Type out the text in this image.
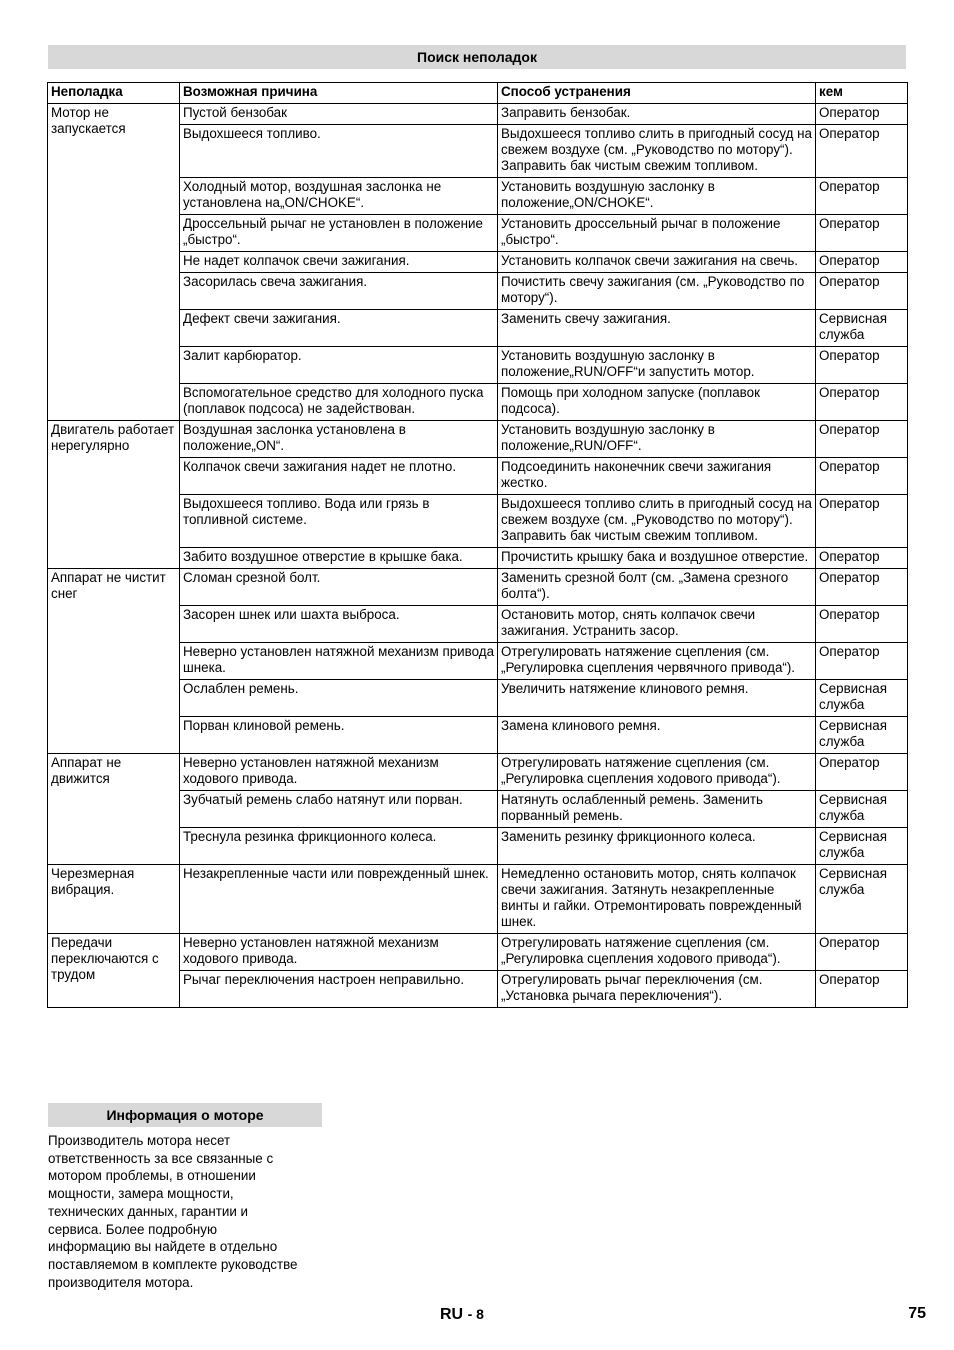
Поиск неполадок
Неполадка	Возможная причина	Способ устранения	кем
Мотор не запускается	Пустой бензобак	Заправить бензобак.	Оператор
	Выдохшееся топливо.	Выдохшееся топливо слить в пригодный сосуд на свежем воздухе (см. „Руководство по мотору“). Заправить бак чистым свежим топливом.	Оператор
	Холодный мотор, воздушная заслонка не установлена на„ON/CHOKE“.	Установить воздушную заслонку в положение„ON/CHOKE“.	Оператор
	Дроссельный рычаг не установлен в положение „быстро“.	Установить дроссельный рычаг в положение „быстро“.	Оператор
	Не надет колпачок свечи зажигания.	Установить колпачок свечи зажигания на свечь.	Оператор
	Засорилась свеча зажигания.	Почистить свечу зажигания (см. „Руководство по мотору“).	Оператор
	Дефект свечи зажигания.	Заменить свечу зажигания.	Сервисная служба
	Залит карбюратор.	Установить воздушную заслонку в положение„RUN/OFF“и запустить мотор.	Оператор
	Вспомогательное средство для холодного пуска (поплавок подсоса) не задействован.	Помощь при холодном запуске (поплавок подсоса).	Оператор
Двигатель работает нерегулярно	Воздушная заслонка установлена в положение„ON“.	Установить воздушную заслонку в положение„RUN/OFF“.	Оператор
	Колпачок свечи зажигания надет не плотно.	Подсоединить наконечник свечи зажигания жестко.	Оператор
	Выдохшееся топливо. Вода или грязь в топливной системе.	Выдохшееся топливо слить в пригодный сосуд на свежем воздухе (см. „Руководство по мотору“). Заправить бак чистым свежим топливом.	Оператор
	Забито воздушное отверстие в крышке бака.	Прочистить крышку бака и воздушное отверстие.	Оператор
Аппарат не чистит снег	Сломан срезной болт.	Заменить срезной болт (см. „Замена срезного болта“).	Оператор
	Засорен шнек или шахта выброса.	Остановить мотор, снять колпачок свечи зажигания. Устранить засор.	Оператор
	Неверно установлен натяжной механизм привода шнека.	Отрегулировать натяжение сцепления (см. „Регулировка сцепления червячного привода“).	Оператор
	Ослаблен ремень.	Увеличить натяжение клинового ремня.	Сервисная служба
	Порван клиновой ремень.	Замена клинового ремня.	Сервисная служба
Аппарат не движится	Неверно установлен натяжной механизм ходового привода.	Отрегулировать натяжение сцепления (см. „Регулировка сцепления ходового привода“).	Оператор
	Зубчатый ремень слабо натянут или порван.	Натянуть ослабленный ремень. Заменить порванный ремень.	Сервисная служба
	Треснула резинка фрикционного колеса.	Заменить резинку фрикционного колеса.	Сервисная служба
Черезмерная вибрация.	Незакрепленные части или поврежденный шнек.	Немедленно остановить мотор, снять колпачок свечи зажигания. Затянуть незакрепленные винты и гайки. Отремонтировать поврежденный шнек.	Сервисная служба
Передачи переключаются с трудом	Неверно установлен натяжной механизм ходового привода.	Отрегулировать натяжение сцепления (см. „Регулировка сцепления ходового привода“).	Оператор
	Рычаг переключения настроен неправильно.	Отрегулировать рычаг переключения (см. „Установка рычага переключения“).	Оператор
Информация о моторе
Производитель мотора несет
ответственность за все связанные с
мотором проблемы, в отношении
мощности, замера мощности,
технических данных, гарантии и
сервиса. Более подробную
информацию вы найдете в отдельно
поставляемом в комплекте руководстве
производителя мотора.
RU - 8	75
